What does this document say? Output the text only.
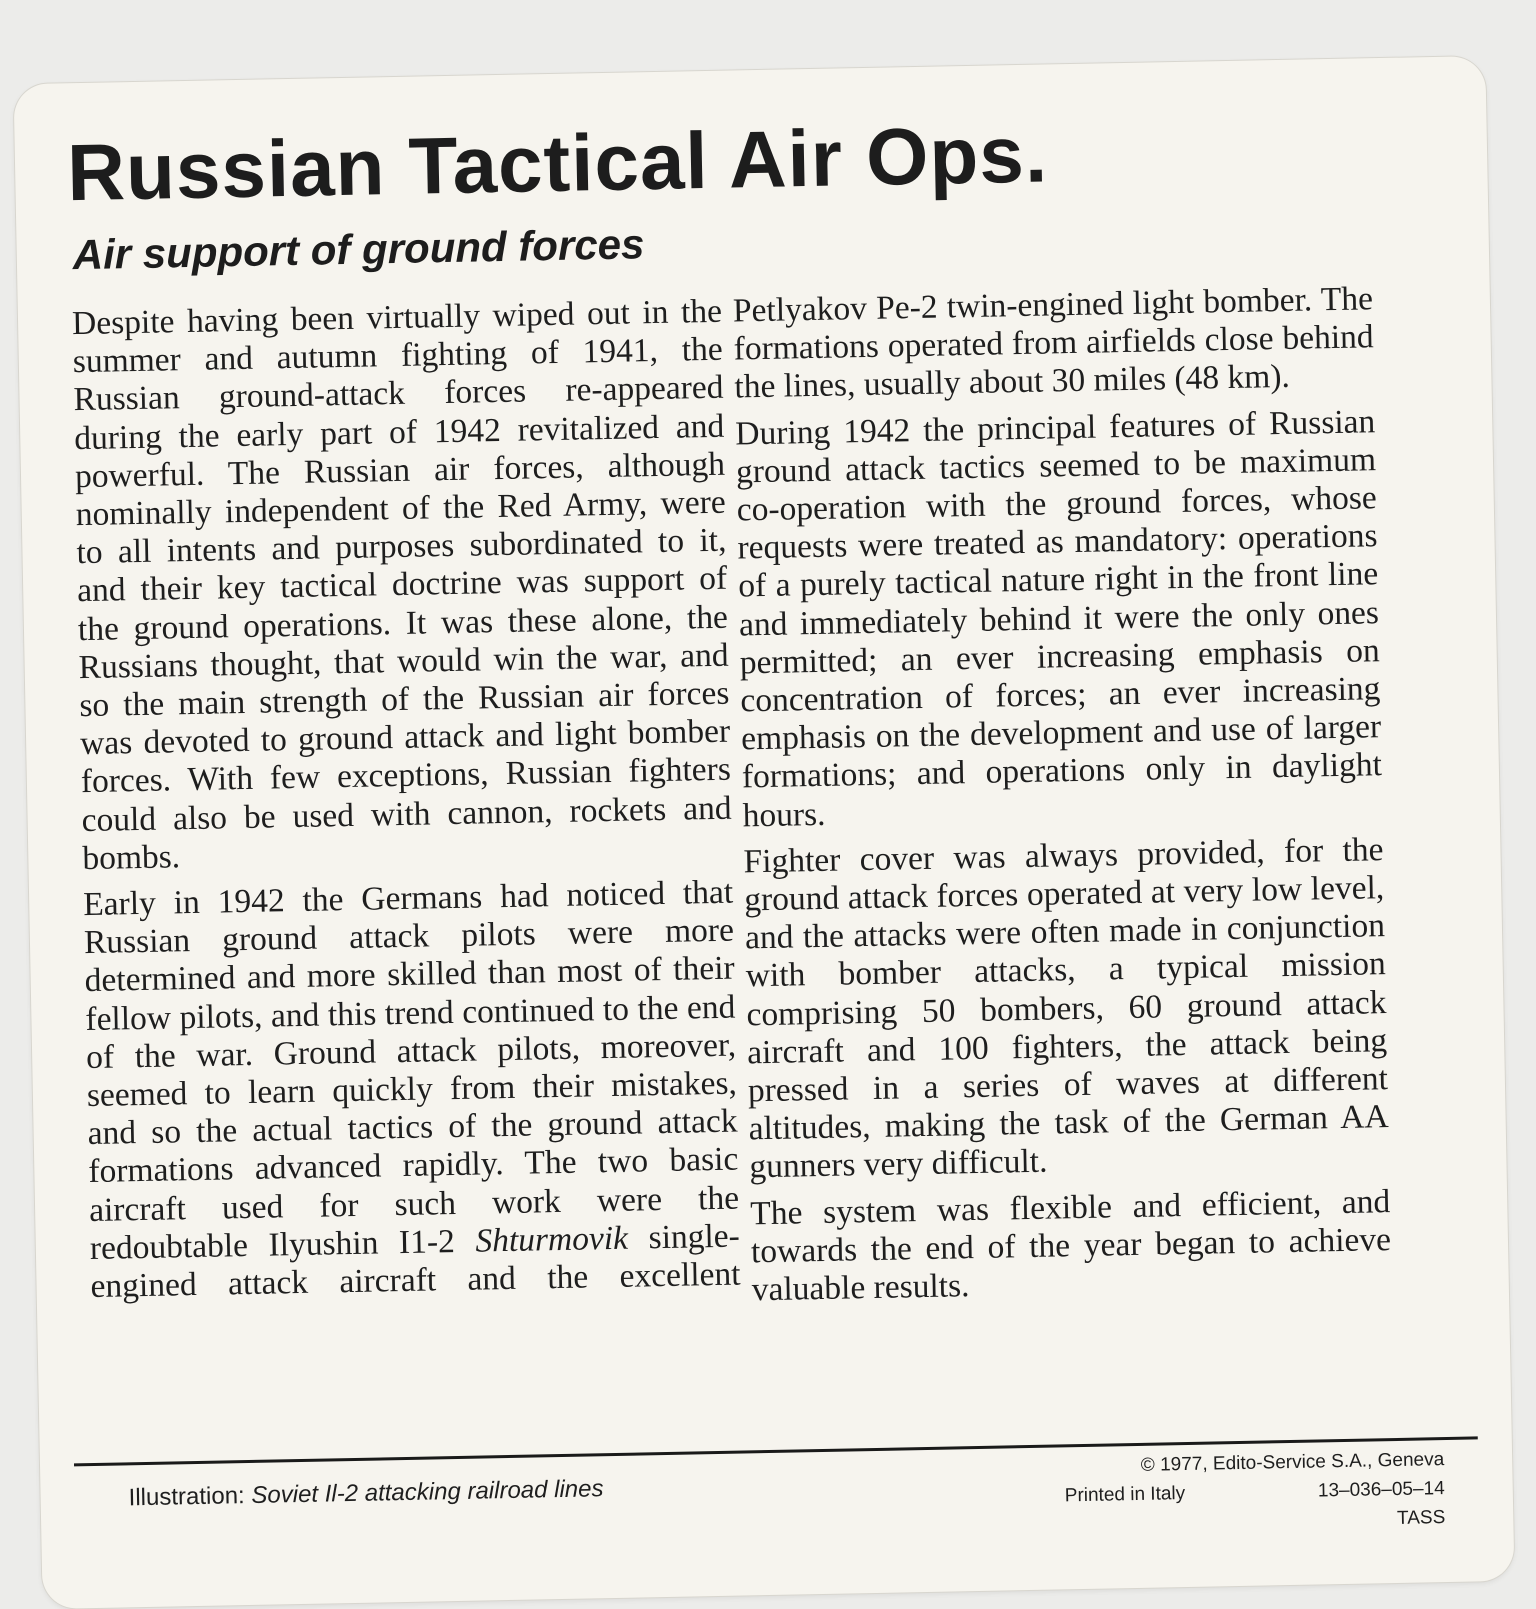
Russian Tactical Air Ops.
Air support of ground forces

Despite having been virtually wiped out in the summer and autumn fighting of 1941, the Russian ground-attack forces re-appeared during the early part of 1942 revitalized and powerful. The Russian air forces, although nominally independent of the Red Army, were to all intents and purposes subordinated to it, and their key tactical doctrine was support of the ground operations. It was these alone, the Russians thought, that would win the war, and so the main strength of the Russian air forces was devoted to ground attack and light bomber forces. With few exceptions, Russian fighters could also be used with cannon, rockets and bombs.

Early in 1942 the Germans had noticed that Russian ground attack pilots were more determined and more skilled than most of their fellow pilots, and this trend continued to the end of the war. Ground attack pilots, moreover, seemed to learn quickly from their mistakes, and so the actual tactics of the ground attack formations advanced rapidly. The two basic aircraft used for such work were the redoubtable Ilyushin I1-2 Shturmovik single-engined attack aircraft and the excellent

Petlyakov Pe-2 twin-engined light bomber. The formations operated from airfields close behind the lines, usually about 30 miles (48 km).

During 1942 the principal features of Russian ground attack tactics seemed to be maximum co-operation with the ground forces, whose requests were treated as mandatory: operations of a purely tactical nature right in the front line and immediately behind it were the only ones permitted; an ever increasing emphasis on concentration of forces; an ever increasing emphasis on the development and use of larger formations; and operations only in daylight hours.

Fighter cover was always provided, for the ground attack forces operated at very low level, and the attacks were often made in conjunction with bomber attacks, a typical mission comprising 50 bombers, 60 ground attack aircraft and 100 fighters, the attack being pressed in a series of waves at different altitudes, making the task of the German AA gunners very difficult.

The system was flexible and efficient, and towards the end of the year began to achieve valuable results.

Illustration: Soviet Il-2 attacking railroad lines
© 1977, Edito-Service S.A., Geneva
Printed in Italy	13–036–05–14
TASS
